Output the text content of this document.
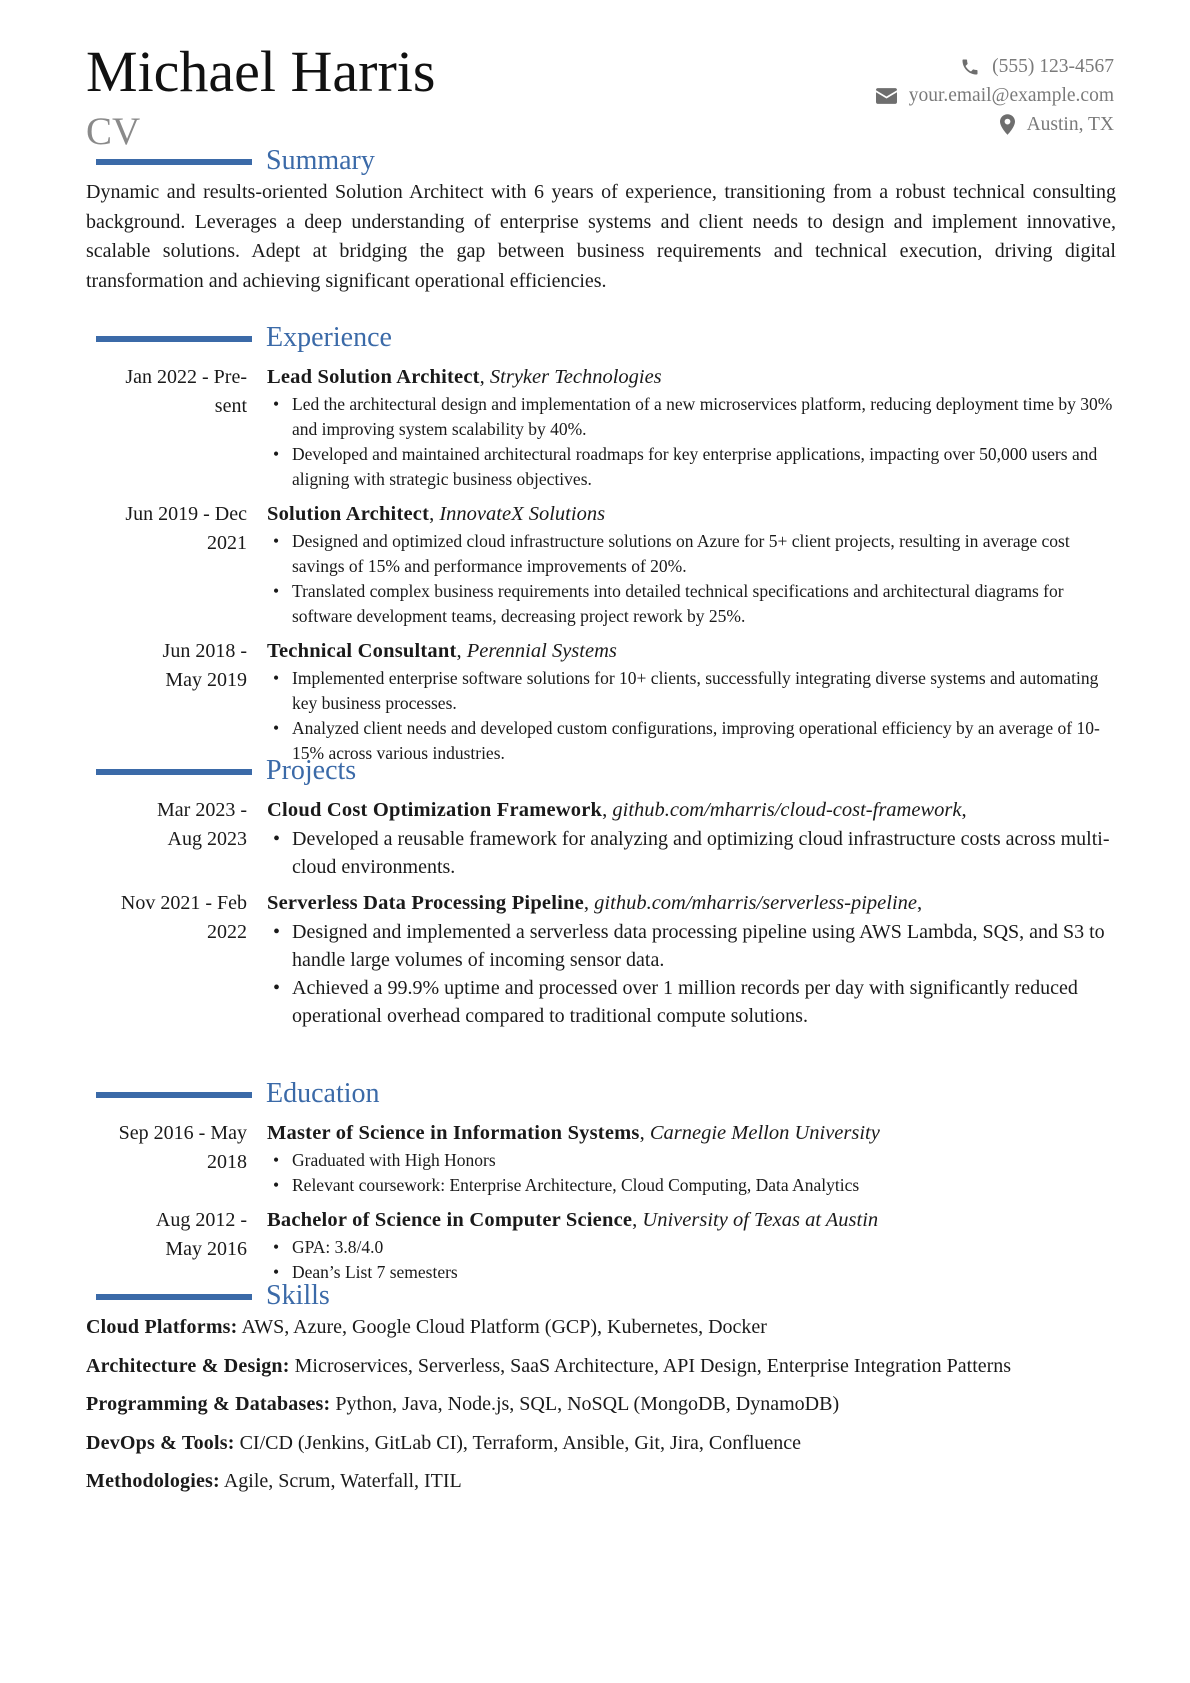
Michael Harris
CV
(555) 123-4567
your.email@example.com
Austin, TX
Summary

Dynamic and results-oriented Solution Architect with 6 years of experience, transitioning from a robust technical consulting background. Leverages a deep understanding of enterprise systems and client needs to design and implement innovative, scalable solutions. Adept at bridging the gap between business requirements and technical execution, driving digital transformation and achieving significant operational efficiencies.

Experience
Jan 2022 - Pre-
sent
Lead Solution Architect, Stryker Technologies
• Led the architectural design and implementation of a new microservices platform, reducing deployment time by 30% and improving system scalability by 40%.
• Developed and maintained architectural roadmaps for key enterprise applications, impacting over 50,000 users and aligning with strategic business objectives.
Jun 2019 - Dec
2021
Solution Architect, InnovateX Solutions
• Designed and optimized cloud infrastructure solutions on Azure for 5+ client projects, resulting in average cost savings of 15% and performance improvements of 20%.
• Translated complex business requirements into detailed technical specifications and architectural diagrams for software development teams, decreasing project rework by 25%.
Jun 2018 -
May 2019
Technical Consultant, Perennial Systems
• Implemented enterprise software solutions for 10+ clients, successfully integrating diverse systems and automating key business processes.
• Analyzed client needs and developed custom configurations, improving operational efficiency by an average of 10-15% across various industries.
Projects
Mar 2023 -
Aug 2023
Cloud Cost Optimization Framework, github.com/mharris/cloud-cost-framework,
• Developed a reusable framework for analyzing and optimizing cloud infrastructure costs across multi-cloud environments.
Nov 2021 - Feb
2022
Serverless Data Processing Pipeline, github.com/mharris/serverless-pipeline,
• Designed and implemented a serverless data processing pipeline using AWS Lambda, SQS, and S3 to handle large volumes of incoming sensor data.
• Achieved a 99.9% uptime and processed over 1 million records per day with significantly reduced operational overhead compared to traditional compute solutions.
Education
Sep 2016 - May
2018
Master of Science in Information Systems, Carnegie Mellon University
• Graduated with High Honors
• Relevant coursework: Enterprise Architecture, Cloud Computing, Data Analytics
Aug 2012 -
May 2016
Bachelor of Science in Computer Science, University of Texas at Austin
• GPA: 3.8/4.0
• Dean’s List 7 semesters
Skills
Cloud Platforms: AWS, Azure, Google Cloud Platform (GCP), Kubernetes, Docker
Architecture & Design: Microservices, Serverless, SaaS Architecture, API Design, Enterprise Integration Patterns
Programming & Databases: Python, Java, Node.js, SQL, NoSQL (MongoDB, DynamoDB)
DevOps & Tools: CI/CD (Jenkins, GitLab CI), Terraform, Ansible, Git, Jira, Confluence
Methodologies: Agile, Scrum, Waterfall, ITIL
